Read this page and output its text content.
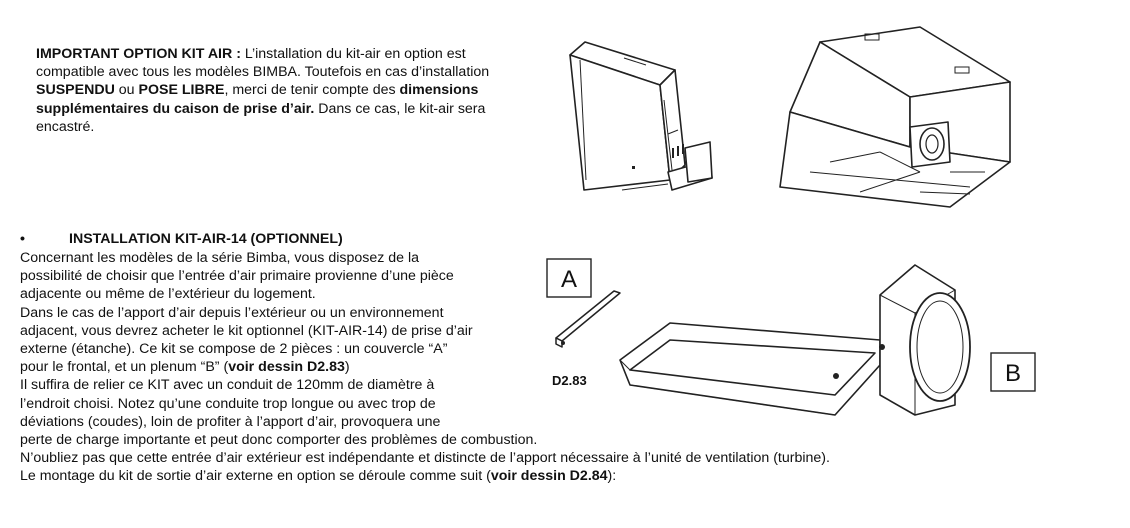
IMPORTANT OPTION KIT AIR : L’installation du kit-air en option est
compatible avec tous les modèles BIMBA. Toutefois en cas d’installation
SUSPENDU ou POSE LIBRE, merci de tenir compte des dimensions
supplémentaires du caison de prise d’air. Dans ce cas, le kit-air sera
encastré.
•	INSTALLATION KIT-AIR-14 (OPTIONNEL)
Concernant les modèles de la série Bimba, vous disposez de la
possibilité de choisir que l’entrée d’air primaire provienne d’une pièce
adjacente ou même de l’extérieur du logement.
Dans le cas de l’apport d’air depuis l’extérieur ou un environnement
adjacent, vous devrez acheter le kit optionnel (KIT-AIR-14) de prise d’air
externe (étanche). Ce kit se compose de 2 pièces : un couvercle “A”
pour le frontal, et un plenum “B” (voir dessin D2.83)
Il suffira de relier ce KIT avec un conduit de 120mm de diamètre à
l’endroit choisi. Notez qu’une conduite trop longue ou avec trop de
déviations (coudes), loin de profiter à l’apport d’air, provoquera une
perte de charge importante et peut donc comporter des problèmes de combustion.
N’oubliez pas que cette entrée d’air extérieur est indépendante et distincte de l’apport nécessaire à l’unité de ventilation (turbine).
Le montage du kit de sortie d’air externe en option se déroule comme suit (voir dessin D2.84):
A
D2.83	B
